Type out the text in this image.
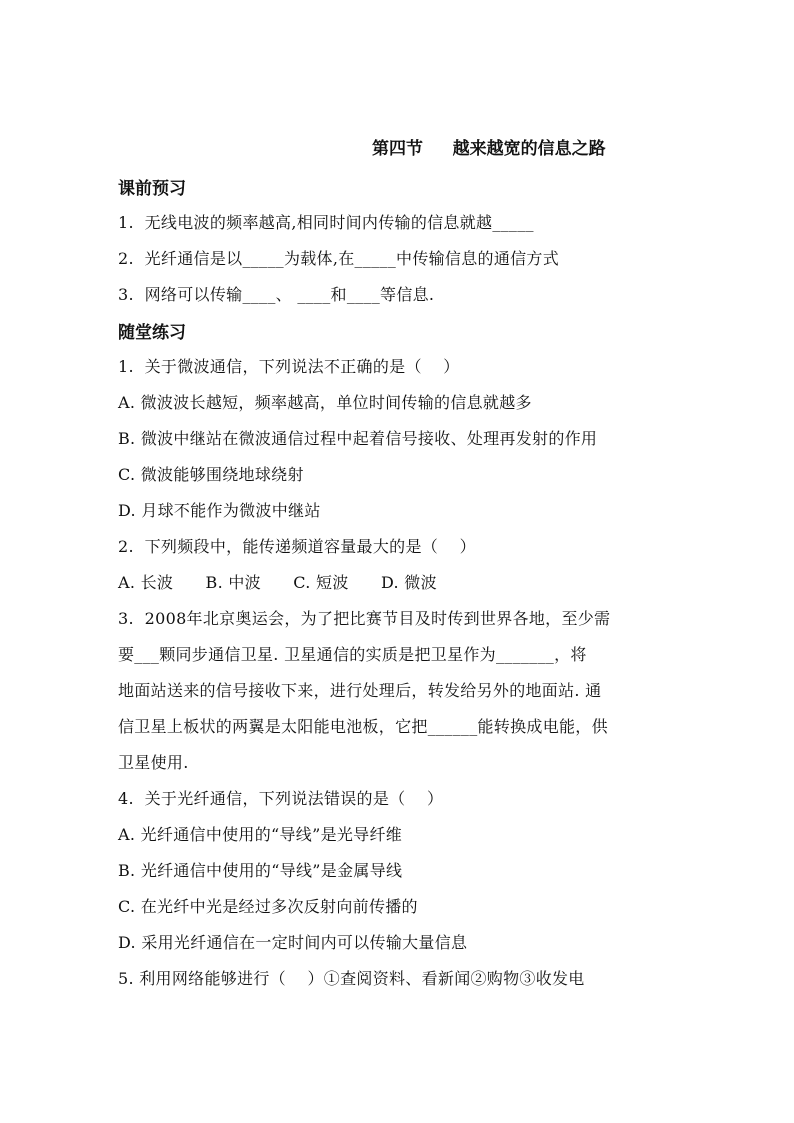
第四节     越来越宽的信息之路
课前预习
1.  无线电波的频率越高,相同时间内传输的信息就越_____
2.  光纤通信是以_____为载体,在_____中传输信息的通信方式
3.  网络可以传输____、 ____和____等信息.
随堂练习
1.  关于微波通信，下列说法不正确的是（    ）
A. 微波波长越短，频率越高，单位时间传输的信息就越多
B. 微波中继站在微波通信过程中起着信号接收、处理再发射的作用
C. 微波能够围绕地球绕射
D. 月球不能作为微波中继站
2.  下列频段中，能传递频道容量最大的是（    ）
A. 长波      B. 中波      C. 短波      D. 微波
3.  2008年北京奥运会，为了把比赛节目及时传到世界各地，至少需
要___颗同步通信卫星. 卫星通信的实质是把卫星作为_______，将
地面站送来的信号接收下来，进行处理后，转发给另外的地面站. 通
信卫星上板状的两翼是太阳能电池板，它把______能转换成电能，供
卫星使用.
4.  关于光纤通信，下列说法错误的是（    ）
A. 光纤通信中使用的“导线”是光导纤维
B. 光纤通信中使用的“导线”是金属导线
C. 在光纤中光是经过多次反射向前传播的
D. 采用光纤通信在一定时间内可以传输大量信息
5. 利用网络能够进行（    ）①查阅资料、看新闻②购物③收发电
